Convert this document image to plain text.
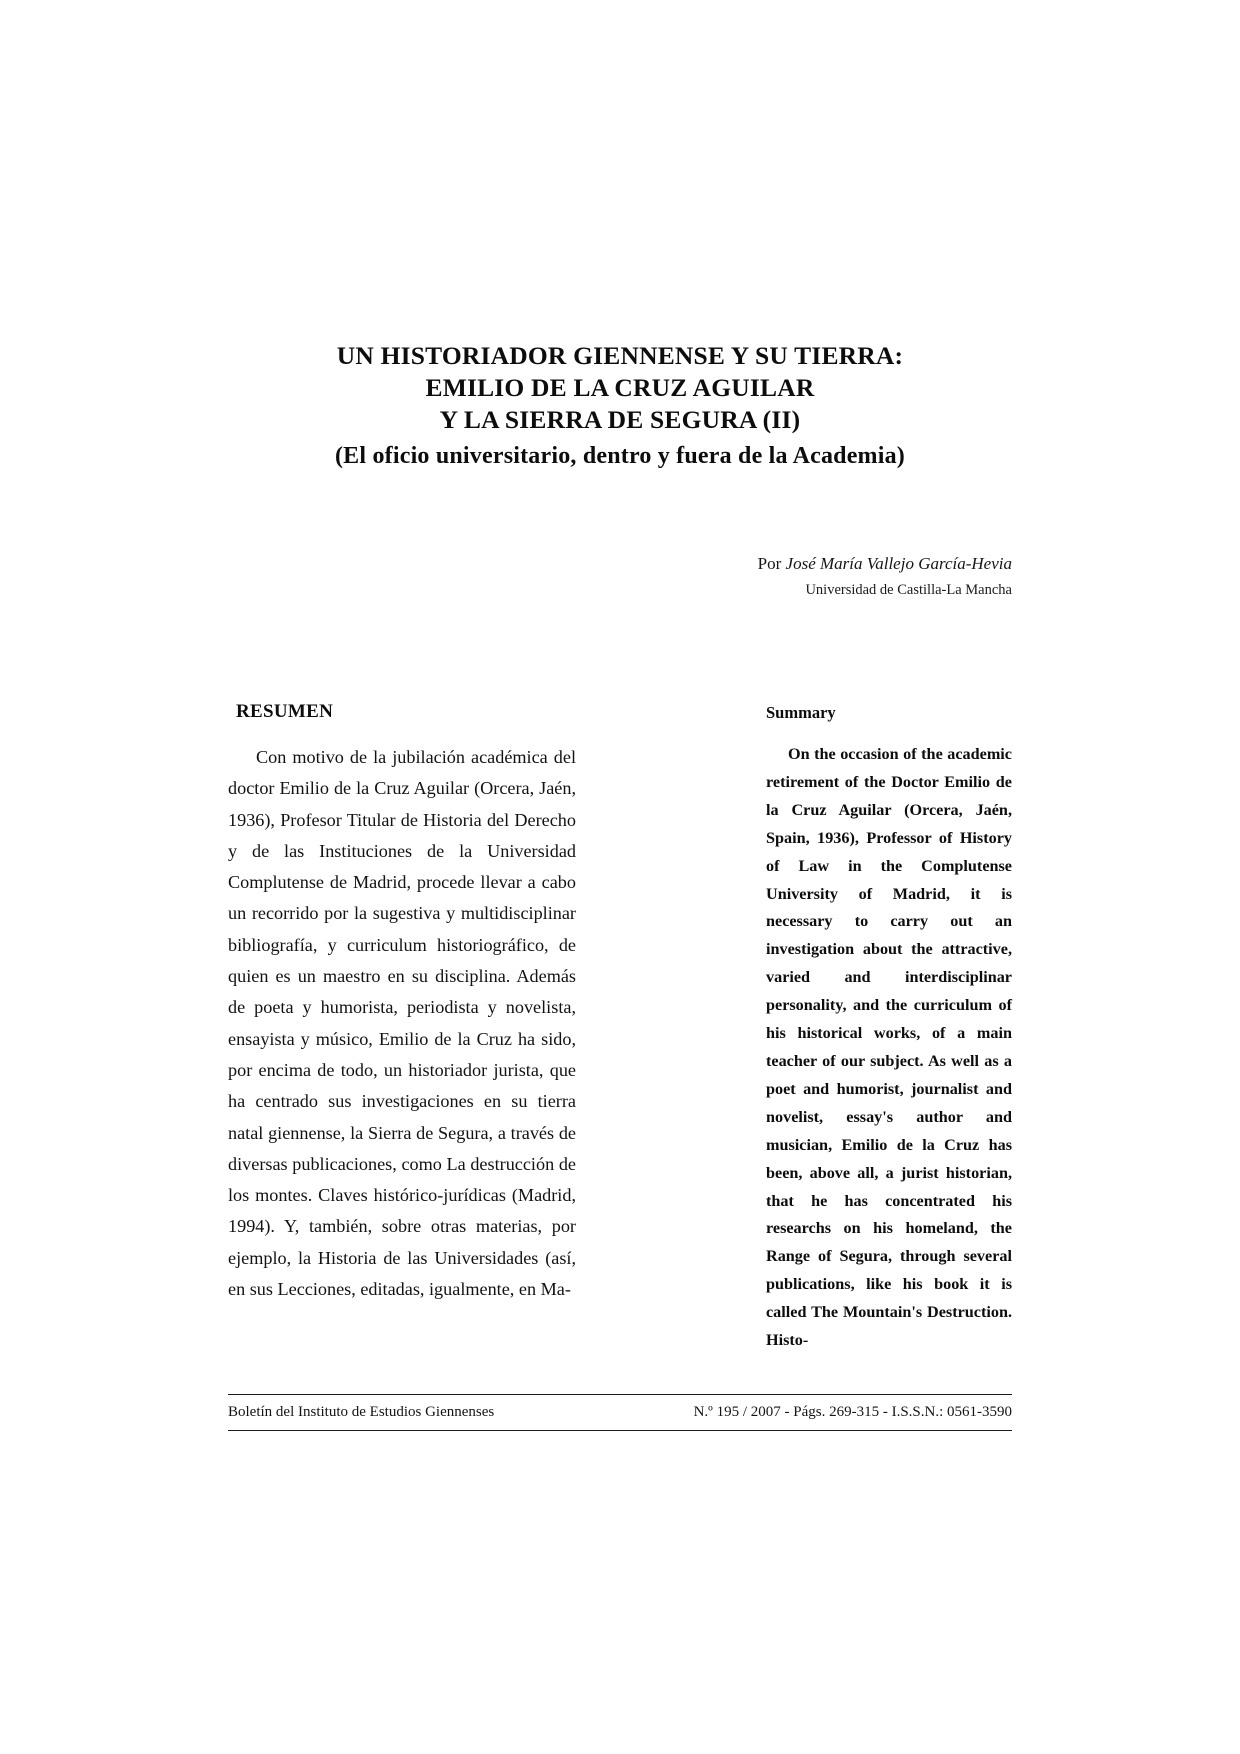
UN HISTORIADOR GIENNENSE Y SU TIERRA:
EMILIO DE LA CRUZ AGUILAR
Y LA SIERRA DE SEGURA (II)
(El oficio universitario, dentro y fuera de la Academia)
Por José María Vallejo García-Hevia
Universidad de Castilla-La Mancha
RESUMEN

Con motivo de la jubilación académica del doctor Emilio de la Cruz Aguilar (Orcera, Jaén, 1936), Profesor Titular de Historia del Derecho y de las Instituciones de la Universidad Complutense de Madrid, procede llevar a cabo un recorrido por la sugestiva y multidisciplinar bibliografía, y curriculum historiográfico, de quien es un maestro en su disciplina. Además de poeta y humorista, periodista y novelista, ensayista y músico, Emilio de la Cruz ha sido, por encima de todo, un historiador jurista, que ha centrado sus investigaciones en su tierra natal giennense, la Sierra de Segura, a través de diversas publicaciones, como La destrucción de los montes. Claves histórico-jurídicas (Madrid, 1994). Y, también, sobre otras materias, por ejemplo, la Historia de las Universidades (así, en sus Lecciones, editadas, igualmente, en Ma-

Summary

On the occasion of the academic retirement of the Doctor Emilio de la Cruz Aguilar (Orcera, Jaén, Spain, 1936), Professor of History of Law in the Complutense University of Madrid, it is necessary to carry out an investigation about the attractive, varied and interdisciplinar personality, and the curriculum of his historical works, of a main teacher of our subject. As well as a poet and humorist, journalist and novelist, essay's author and musician, Emilio de la Cruz has been, above all, a jurist historian, that he has concentrated his researchs on his homeland, the Range of Segura, through several publications, like his book it is called The Mountain's Destruction. Histo-

Boletín del Instituto de Estudios Giennenses	N.º 195 / 2007 - Págs. 269-315 - I.S.S.N.: 0561-3590
